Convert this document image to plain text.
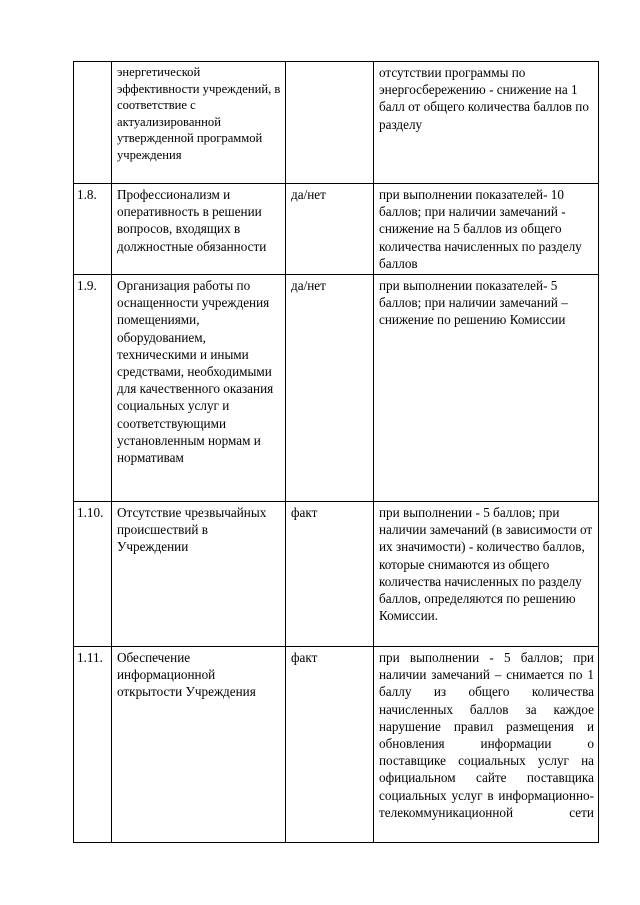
	энергетической эффективности учреждений, в соответствие с актуализированной утвержденной программой учреждения		отсутствии программы по энергосбережению - снижение на 1 балл от общего количества баллов по разделу
1.8.	Профессионализм и оперативность в решении вопросов, входящих в должностные обязанности	да/нет	при выполнении показателей- 10 баллов; при наличии замечаний - снижение на 5 баллов из общего количества начисленных по разделу баллов
1.9.	Организация работы по оснащенности учреждения помещениями, оборудованием, техническими и иными средствами, необходимыми для качественного оказания социальных услуг и соответствующими установленным нормам и нормативам	да/нет	при выполнении показателей- 5 баллов; при наличии замечаний – снижение по решению Комиссии
1.10.	Отсутствие чрезвычайных происшествий в Учреждении	факт	при выполнении - 5 баллов; при наличии замечаний (в зависимости от их значимости) - количество баллов, которые снимаются из общего количества начисленных по разделу баллов, определяются по решению Комиссии.
1.11.	Обеспечение информационной открытости Учреждения	факт	при выполнении - 5 баллов; при наличии замечаний – снимается по 1 баллу из общего количества начисленных баллов за каждое нарушение правил размещения и обновления информации о поставщике социальных услуг на официальном сайте поставщика социальных услуг в информационно-телекоммуникационной сети
